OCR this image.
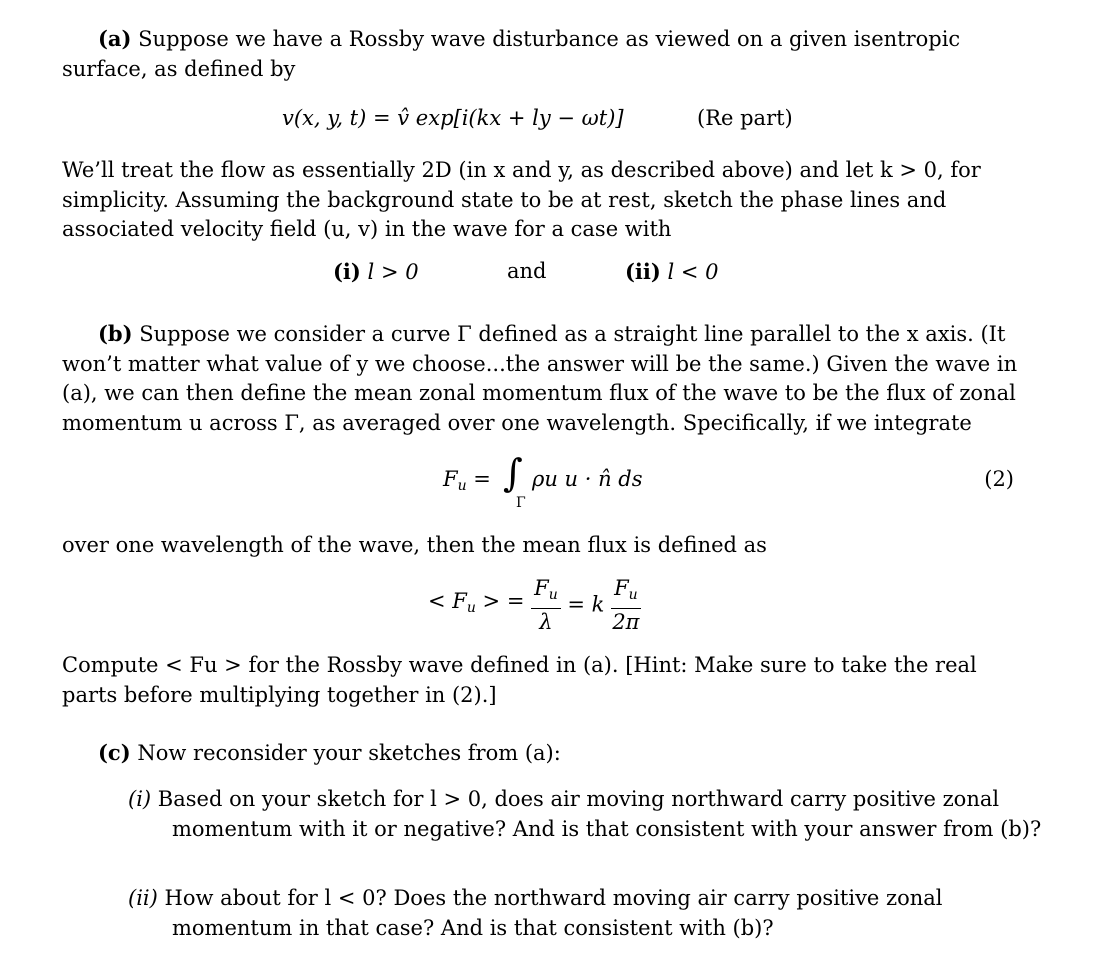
(a) Suppose we have a Rossby wave disturbance as viewed on a given isentropic surface, as defined by

v(x, y, t) = v̂ exp[i(kx + ly − ωt)]	(Re part)

We’ll treat the flow as essentially 2D (in x and y, as described above) and let k > 0, for simplicity. Assuming the background state to be at rest, sketch the phase lines and associated velocity field (u, v) in the wave for a case with

(i) l > 0	and	(ii) l < 0

(b) Suppose we consider a curve Γ defined as a straight line parallel to the x axis. (It won’t matter what value of y we choose...the answer will be the same.) Given the wave in (a), we can then define the mean zonal momentum flux of the wave to be the flux of zonal momentum u across Γ, as averaged over one wavelength. Specifically, if we integrate

$F_u$ = ∫
Γ
ρu u · n̂ ds	(2)

over one wavelength of the wave, then the mean flux is defined as

< $F_u$ > = $\frac{F_u}{\lambda} = k \frac{F_u}{2\pi}$

Compute < Fu > for the Rossby wave defined in (a). [Hint: Make sure to take the real parts before multiplying together in (2).]

(c) Now reconsider your sketches from (a):

(i) Based on your sketch for l > 0, does air moving northward carry positive zonal momentum with it or negative? And is that consistent with your answer from (b)?

(ii) How about for l < 0? Does the northward moving air carry positive zonal momentum in that case? And is that consistent with (b)?
